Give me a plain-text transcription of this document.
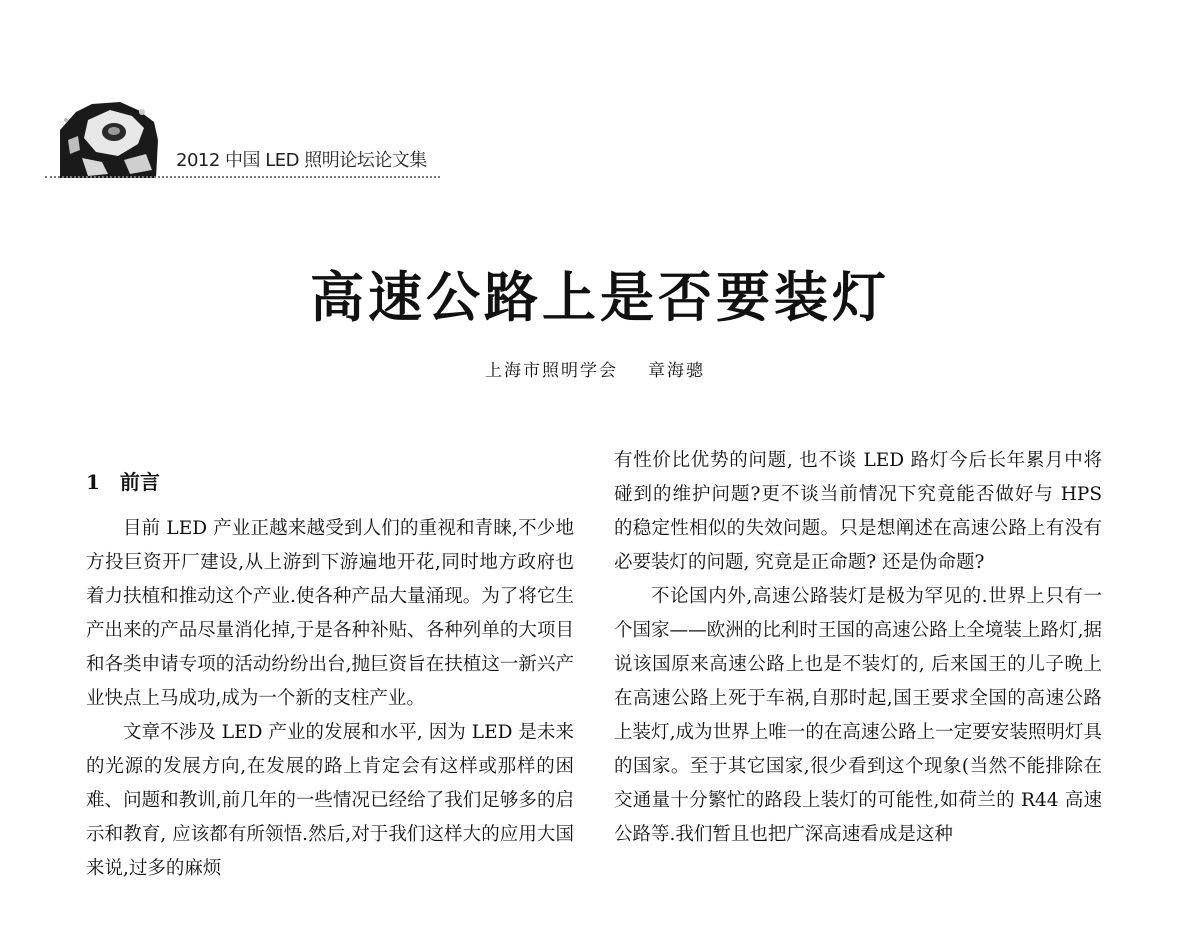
2012 中国 LED 照明论坛论文集
高速公路上是否要装灯
上海市照明学会 章海骢
1 前言

目前 LED 产业正越来越受到人们的重视和青睐,不少地方投巨资开厂建设,从上游到下游遍地开花,同时地方政府也着力扶植和推动这个产业.使各种产品大量涌现。为了将它生产出来的产品尽量消化掉,于是各种补贴、各种列单的大项目和各类申请专项的活动纷纷出台,抛巨资旨在扶植这一新兴产业快点上马成功,成为一个新的支柱产业。

文章不涉及 LED 产业的发展和水平, 因为 LED 是未来的光源的发展方向,在发展的路上肯定会有这样或那样的困难、问题和教训,前几年的一些情况已经给了我们足够多的启示和教育, 应该都有所领悟.然后,对于我们这样大的应用大国来说,过多的麻烦

有性价比优势的问题, 也不谈 LED 路灯今后长年累月中将碰到的维护问题?更不谈当前情况下究竟能否做好与 HPS 的稳定性相似的失效问题。只是想阐述在高速公路上有没有必要装灯的问题, 究竟是正命题? 还是伪命题?

不论国内外,高速公路装灯是极为罕见的.世界上只有一个国家——欧洲的比利时王国的高速公路上全境装上路灯,据说该国原来高速公路上也是不装灯的, 后来国王的儿子晚上在高速公路上死于车祸,自那时起,国王要求全国的高速公路上装灯,成为世界上唯一的在高速公路上一定要安装照明灯具的国家。至于其它国家,很少看到这个现象(当然不能排除在交通量十分繁忙的路段上装灯的可能性,如荷兰的 R44 高速公路等.我们暂且也把广深高速看成是这种
